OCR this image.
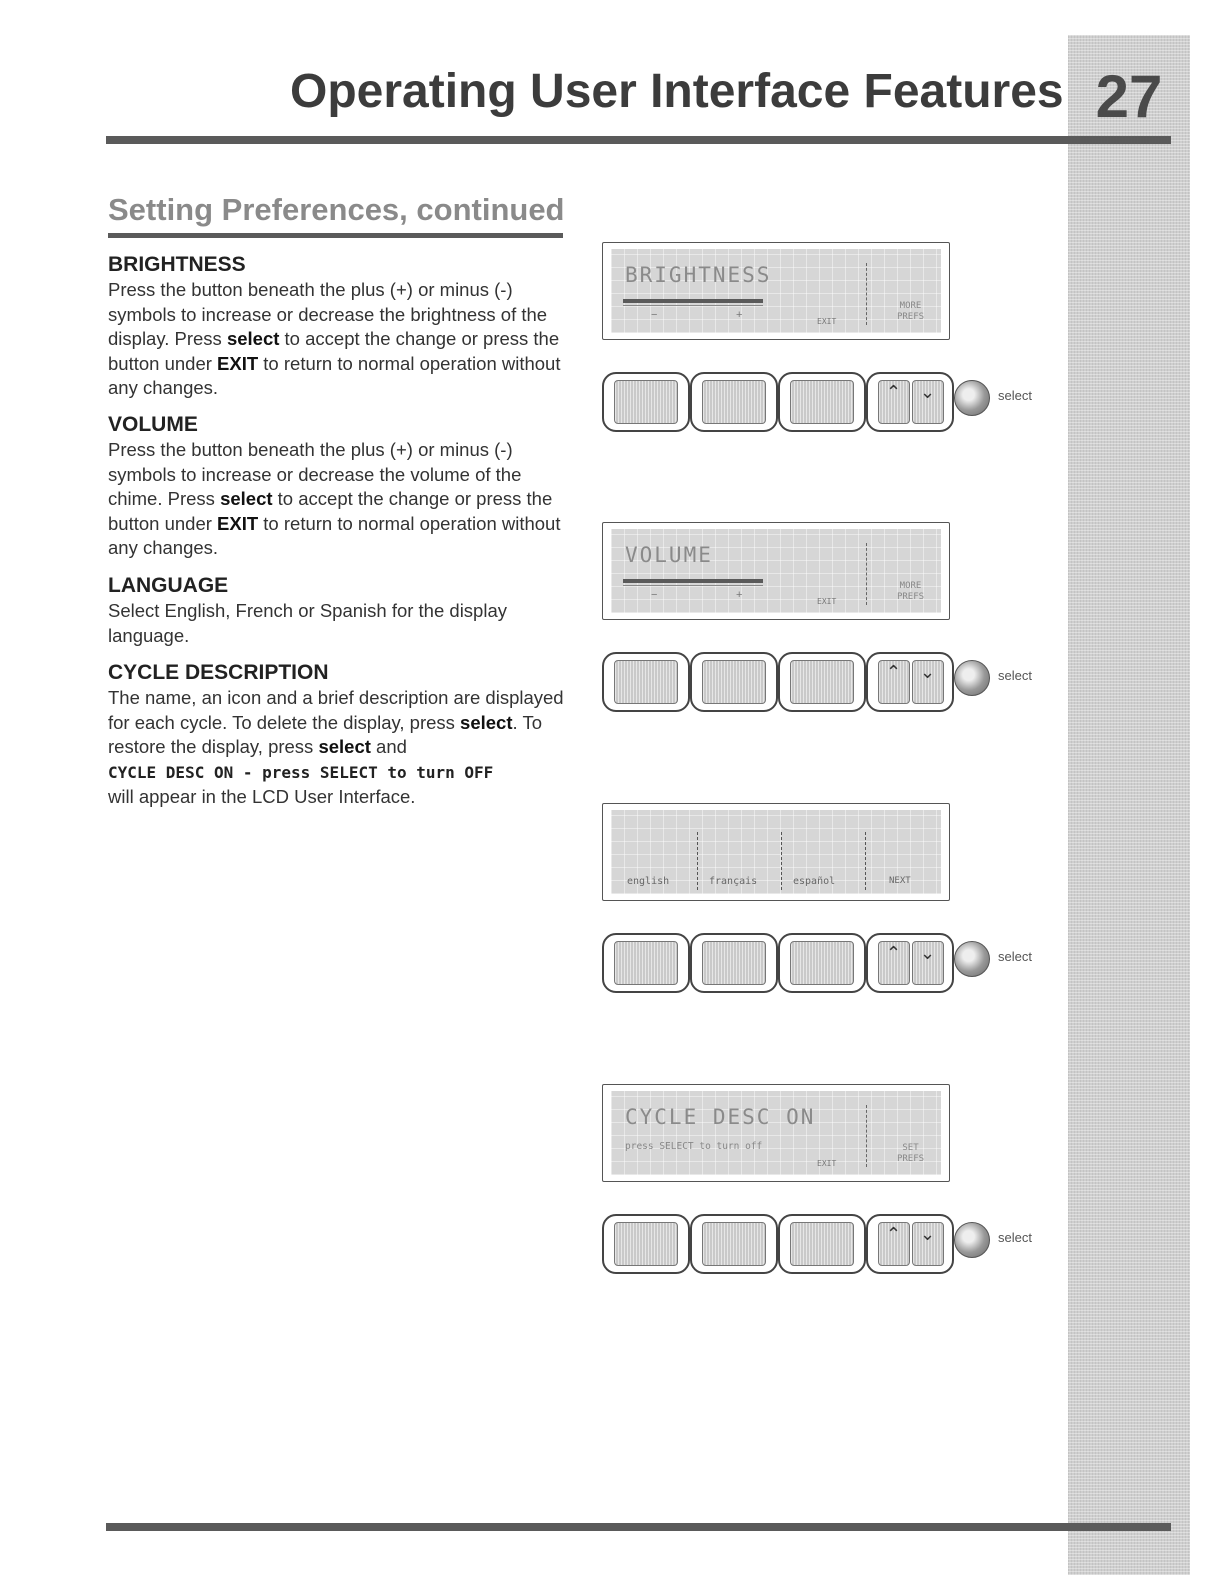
27
Operating User Interface Features
Setting Preferences, continued
BRIGHTNESS

Press the button beneath the plus (+) or minus (-) symbols to increase or decrease the brightness of the display. Press select to accept the change or press the button under EXIT to return to normal operation without any changes.

VOLUME

Press the button beneath the plus (+) or minus (-) symbols to increase or decrease the volume of the chime. Press select to accept the change or press the button under EXIT to return to normal operation without any changes.

LANGUAGE

Select English, French or Spanish for the display language.

CYCLE DESCRIPTION

The name, an icon and a brief description are displayed for each cycle. To delete the display, press select. To restore the display, press select and
CYCLE DESC ON - press SELECT to turn OFF
will appear in the LCD User Interface.

BRIGHTNESS
−	+
EXIT
MORE
PREFS
⌃ ⌄	select
VOLUME
−	+
EXIT
MORE
PREFS
⌃ ⌄	select
english	français	español	NEXT
⌃ ⌄	select
CYCLE DESC ON
press SELECT to turn off
EXIT
SET
PREFS
⌃ ⌄	select
